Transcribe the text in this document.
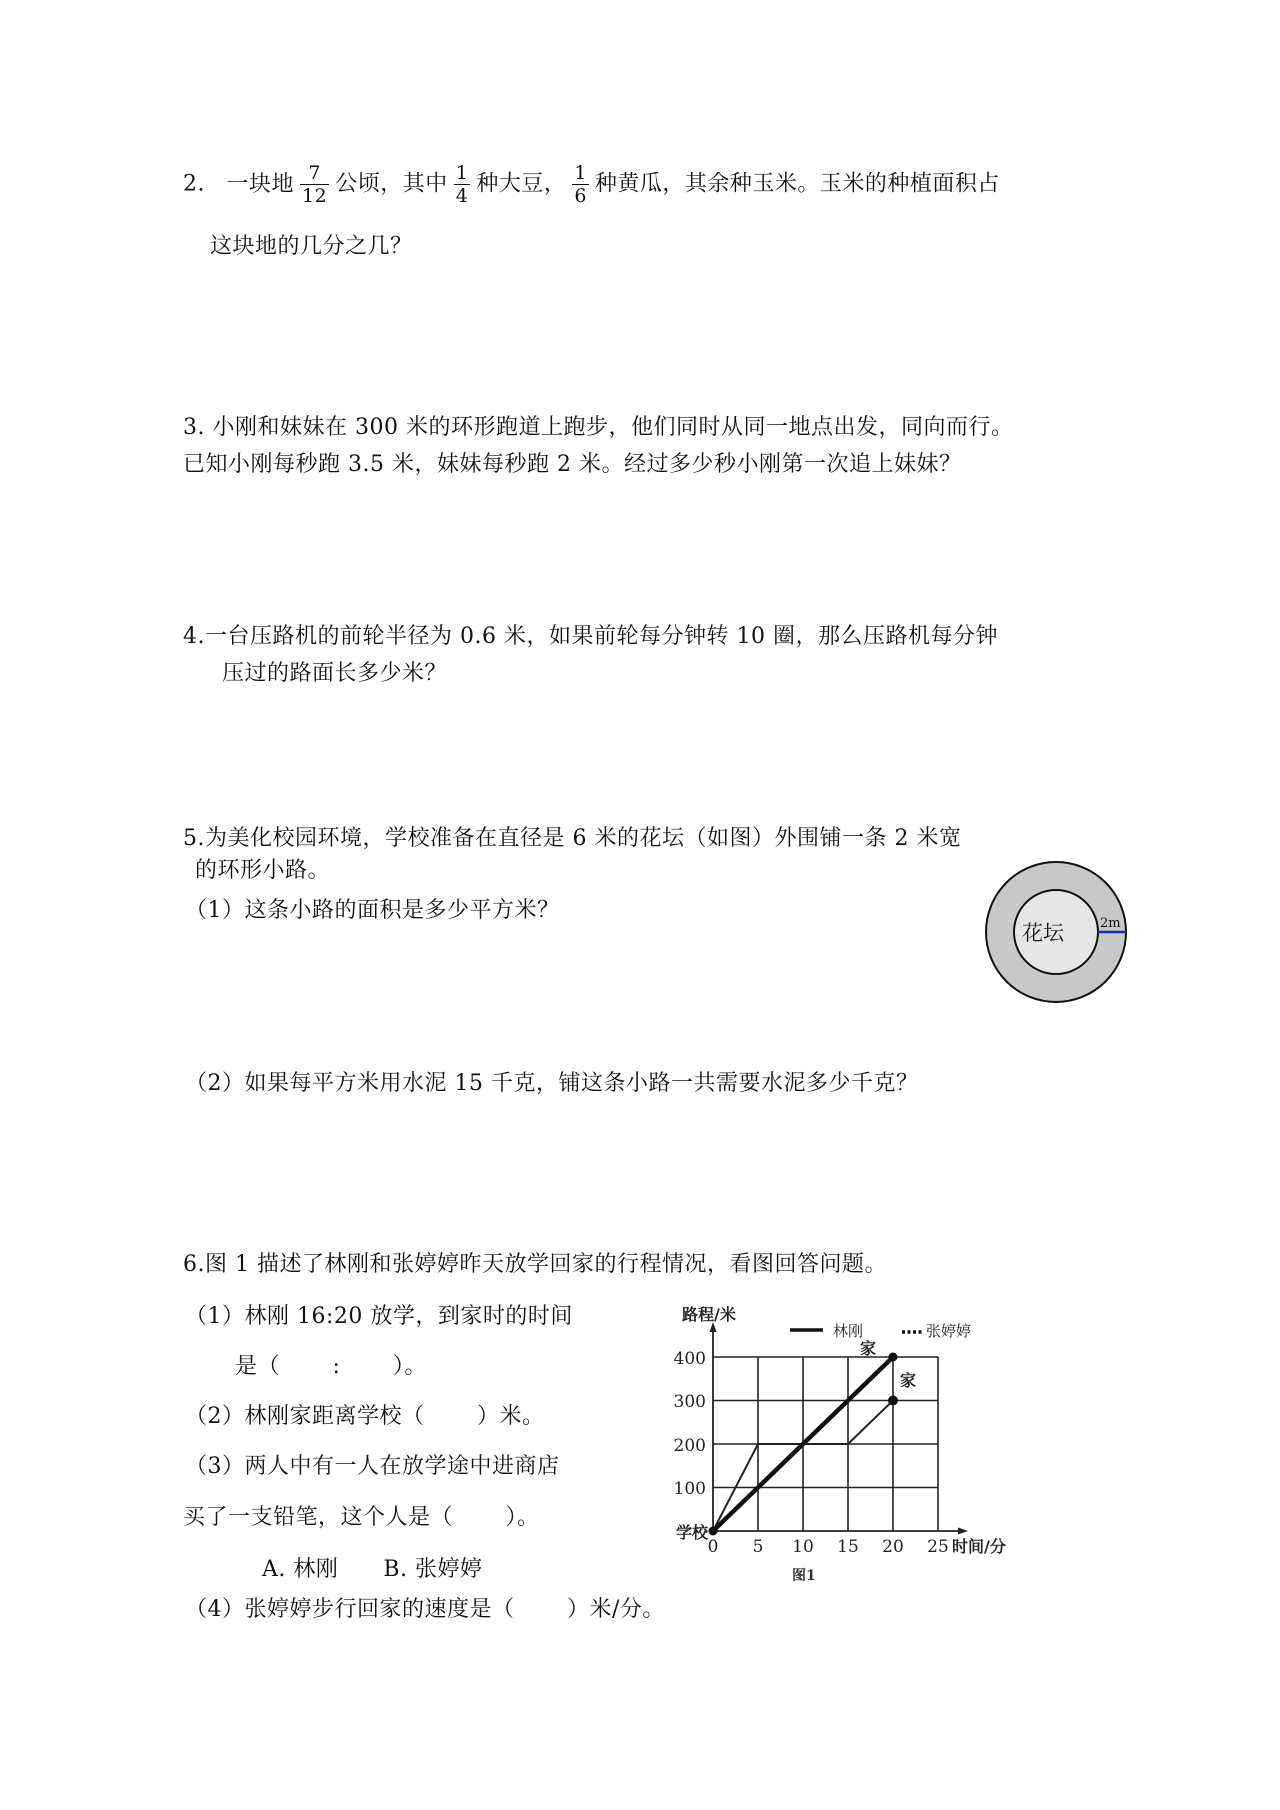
2. 一块地 $\frac{7}{12}$ 公顷，其中 $\frac{1}{4}$ 种大豆， $\frac{1}{6}$ 种黄瓜，其余种玉米。玉米的种植面积占
这块地的几分之几？
3. 小刚和妹妹在 300 米的环形跑道上跑步，他们同时从同一地点出发，同向而行。
已知小刚每秒跑 3.5 米，妹妹每秒跑 2 米。经过多少秒小刚第一次追上妹妹？
4.一台压路机的前轮半径为 0.6 米，如果前轮每分钟转 10 圈，那么压路机每分钟
压过的路面长多少米？
5.为美化校园环境，学校准备在直径是 6 米的花坛（如图）外围铺一条 2 米宽
的环形小路。
（1）这条小路的面积是多少平方米？
花坛	2m
（2）如果每平方米用水泥 15 千克，铺这条小路一共需要水泥多少千克？
6.图 1 描述了林刚和张婷婷昨天放学回家的行程情况，看图回答问题。
（1）林刚 16:20 放学，到家时的时间
是（　　 :　　 ）。
（2）林刚家距离学校（　　 ）米。
（3）两人中有一人在放学途中进商店
买了一支铅笔，这个人是（　　 ）。
A. 林刚　　B. 张婷婷
（4）张婷婷步行回家的速度是（　　 ）米/分。
400
300
200
100
学校
0 5 10 15 20 25 时间/分
路程/米
林刚	张婷婷
家
家
图1
